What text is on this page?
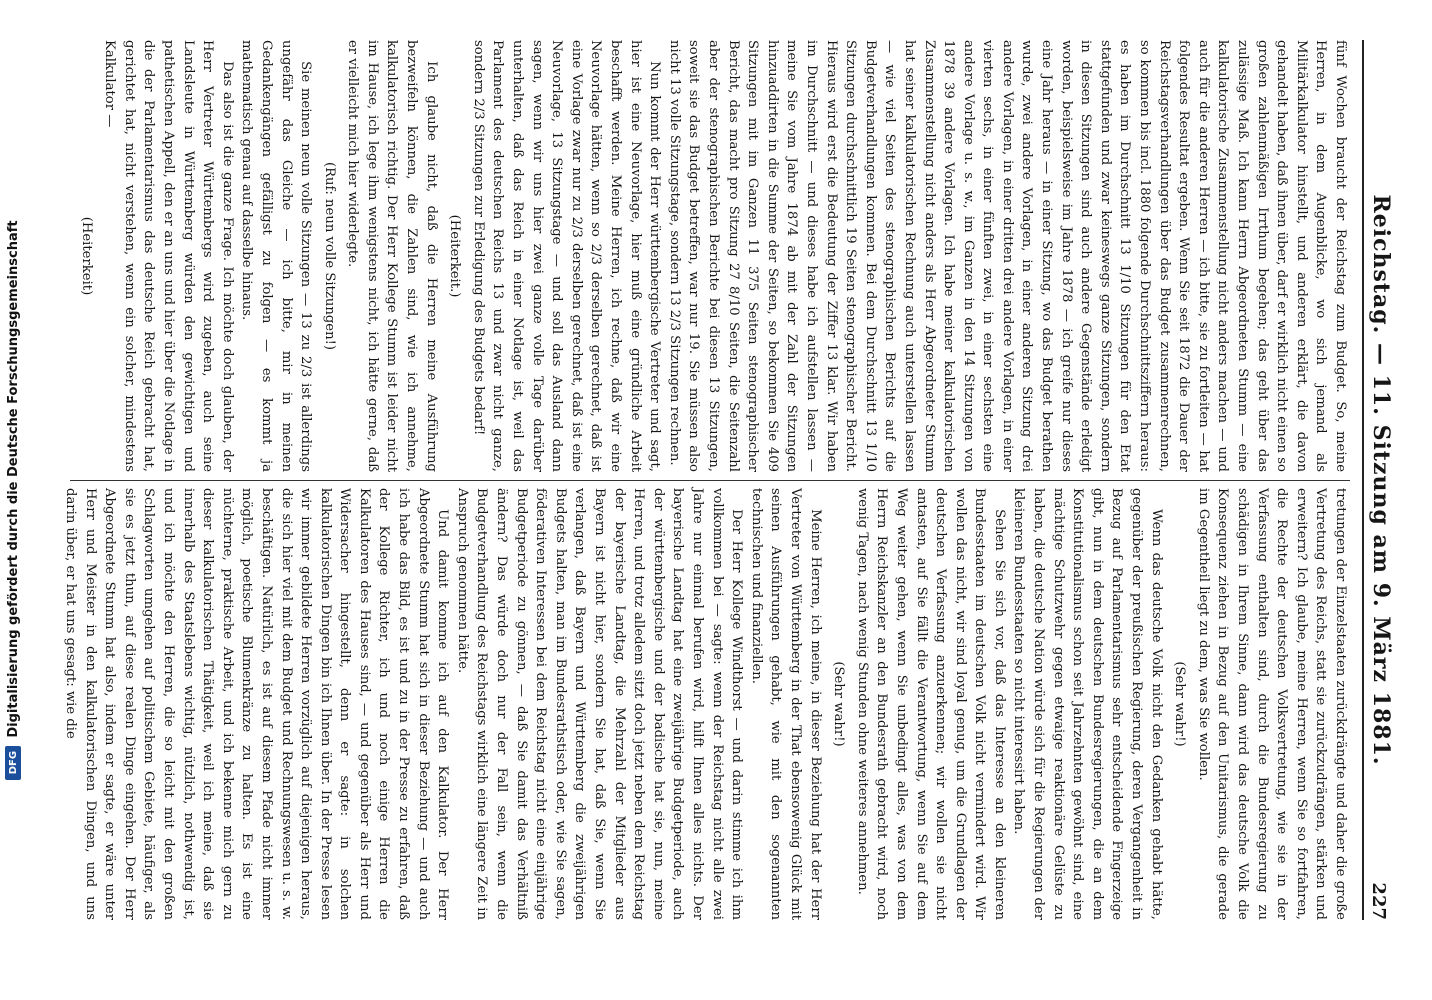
Reichstag. — 11. Sitzung am 9. März 1881.
227

fünf Wochen braucht der Reichstag zum Budget. So, meine Herren, in dem Augenblicke, wo sich jemand als Militärkalkulator hinstellt, und anderen erklärt, die davon gehandelt haben, daß ihnen über, darf er wirklich nicht einen so großen zahlenmäßigen Irrthum begehen; das geht über das zulässige Maß. Ich kann Herrn Abgeordneten Stumm — eine kalkulatorische Zusammenstellung nicht anders machen — und auch für die anderen Herren — ich bitte, sie zu fortleiten — hat folgendes Resultat ergeben. Wenn Sie seit 1872 die Dauer der Reichstagsverhandlungen über das Budget zusammenrechnen, so kommen bis incl. 1880 folgende Durchschnittsziffern heraus: es haben im Durchschnitt 13 1/10 Sitzungen für den Etat stattgefunden und zwar keineswegs ganze Sitzungen, sondern in diesen Sitzungen sind auch andere Gegenstände erledigt worden, beispielsweise im Jahre 1878 — ich greife nur dieses eine Jahr heraus — in einer Sitzung, wo das Budget berathen wurde, zwei andere Vorlagen, in einer anderen Sitzung drei andere Vorlagen, in einer dritten drei andere Vorlagen, in einer vierten sechs, in einer fünften zwei, in einer sechsten eine andere Vorlage u. s. w., im Ganzen in den 14 Sitzungen von 1878 39 andere Vorlagen. Ich habe meiner kalkulatorischen Zusammenstellung nicht anders als Herr Abgeordneter Stumm hat seiner kalkulatorischen Rechnung auch unterstellen lassen — wie viel Seiten des stenographischen Berichts auf die Budgetverhandlungen kommen. Bei dem Durchschnitt 13 1/10 Sitzungen durchschnittlich 19 Seiten stenographischer Bericht. Hieraus wird erst die Bedeutung der Ziffer 13 klar. Wir haben im Durchschnitt — und dieses habe ich aufstellen lassen — meine Sie vom Jahre 1874 ab mit der Zahl der Sitzungen hinzuaddirten in die Summe der Seiten, so bekommen Sie 409 Sitzungen mit im Ganzen 11 375 Seiten stenographischer Bericht, das macht pro Sitzung 27 8/10 Seiten, die Seitenzahl aber der stenographischen Berichte bei diesen 13 Sitzungen, soweit sie das Budget betreffen, war nur 19. Sie müssen also nicht 13 volle Sitzungstage, sondern 13 2/3 Sitzungen rechnen.

Nun kommt der Herr württembergische Vertreter und sagt, hier ist eine Neuvorlage, hier muß eine gründliche Arbeit beschafft werden. Meine Herren, ich rechne, daß wir eine Neuvorlage hätten, wenn so 2/3 derselben gerechnet, daß ist eine Vorlage zwar nur zu 2/3 derselben gerechnet, daß ist eine Neuvorlage, 13 Sitzungstage — und soll das Ausland dann sagen, wenn wir uns hier zwei ganze volle Tage darüber unterhalten, daß das Reich in einer Notlage ist, weil das Parlament des deutschen Reichs 13 und zwar nicht ganze, sondern 2/3 Sitzungen zur Erledigung des Budgets bedarf!

(Heiterkeit.)

Ich glaube nicht, daß die Herren meine Ausführung bezweifeln können, die Zahlen sind, wie ich annehme, kalkulatorisch richtig. Der Herr Kollege Stumm ist leider nicht im Hause, ich lege ihm wenigstens nicht, ich hätte gerne, daß er vielleicht mich hier widerlegte.

(Ruf: neun volle Sitzungen!)

Sie meinen neun volle Sitzungen — 13 zu 2/3 ist allerdings ungefähr das Gleiche — ich bitte, mir in meinen Gedankengängen gefälligst zu folgen — es kommt ja mathematisch genau auf dasselbe hinaus.

Das also ist die ganze Frage. Ich möchte doch glauben, der Herr Vertreter Württembergs wird zugeben, auch seine Landsleute in Württemberg würden den gewichtigen und pathetischen Appell, den er an uns und hier über die Notlage in die der Parlamentarismus das deutsche Reich gebracht hat, gerichtet hat, nicht verstehen, wenn ein solcher, mindestens Kalkulator —

(Heiterkeit)

tretungen der Einzelstaaten zurückdrängte und daher die große Vertretung des Reichs, statt sie zurückzudrängen, stärken und erweitern? Ich glaube, meine Herren, wenn Sie so fortfahren, die Rechte der deutschen Volksvertretung, wie sie in der Verfassung enthalten sind, durch die Bundesregierung zu schädigen in Ihrem Sinne, dann wird das deutsche Volk die Konsequenz ziehen in Bezug auf den Unitarismus, die gerade im Gegentheil liegt zu dem, was Sie wollen.

(Sehr wahr!)

Wenn das deutsche Volk nicht den Gedanken gehabt hätte, gegenüber der preußischen Regierung, deren Vergangenheit in Bezug auf Parlamentarismus sehr entscheidende Fingerzeige gibt, nun in dem deutschen Bundesregierungen, die an dem Konstitutionalismus schon seit Jahrzehnten gewöhnt sind, eine mächtige Schutzwehr gegen etwaige reaktionäre Gelüste zu haben, die deutsche Nation würde sich für die Regierungen der kleineren Bundesstaaten so nicht interessirt haben.

Sehen Sie sich vor, daß das Interesse an den kleineren Bundesstaaten im deutschen Volk nicht vermindert wird. Wir wollen das nicht, wir sind loyal genug, um die Grundlagen der deutschen Verfassung anzuerkennen; wir wollen sie nicht antasten, auf Sie fällt die Verantwortung, wenn Sie auf dem Weg weiter gehen, wenn Sie unbedingt alles, was von dem Herrn Reichskanzler an den Bundesrath gebracht wird, noch wenig Tagen, nach wenig Stunden ohne weiteres annehmen.

(Sehr wahr!)

Meine Herren, ich meine, in dieser Beziehung hat der Herr Vertreter von Württemberg in der That ebensowenig Glück mit seinen Ausführungen gehabt, wie mit den sogenannten technischen und finanziellen.

Der Herr Kollege Windthorst — und darin stimme ich ihm vollkommen bei — sagte: wenn der Reichstag nicht alle zwei Jahre nur einmal berufen wird, hilft Ihnen alles nichts. Der bayerische Landtag hat eine zweijährige Budgetperiode, auch der württembergische und der badische hat sie, nun, meine Herren, und trotz alledem sitzt doch jetzt neben dem Reichstag der bayerische Landtag, die Mehrzahl der Mitglieder aus Bayern ist nicht hier, sondern Sie hat, daß Sie, wenn Sie verlangen, daß Bayern und Württemberg die zweijährigen Budgets halten, man im Bundesrathstisch oder, wie Sie sagen, föderativen Interessen bei dem Reichstag nicht eine einjährige Budgetperiode zu gönnen, — daß Sie damit das Verhältniß ändern? Das würde doch nur der Fall sein, wenn die Budgetverhandlung des Reichstags wirklich eine längere Zeit in Anspruch genommen hätte.

Und damit komme ich auf den Kalkulator. Der Herr Abgeordnete Stumm hat sich in dieser Beziehung — und auch ich habe das Bild, es ist und zu in der Presse zu erfahren, daß der Kollege Richter, ich und noch einige Herren die Kalkulatoren des Hauses sind, — und gegenüber als Herr und Widersacher hingestellt, denn er sagte: in solchen kalkulatorischen Dingen bin ich Ihnen über. In der Presse lesen wir immer gebildete Herren vorzüglich auf diejenigen heraus, die sich hier viel mit dem Budget und Rechnungswesen u. s. w. beschäftigen. Natürlich, es ist auf diesem Pfade nicht immer möglich, poetische Blumenkränze zu halten. Es ist eine nüchterne, praktische Arbeit, und ich bekenne mich gern zu dieser kalkulatorischen Thätigkeit, weil ich meine, daß sie innerhalb des Staatslebens wichtig, nützlich, nothwendig ist, und ich möchte den Herren, die so leicht mit den großen Schlagworten umgehen auf politischem Gebiete, häufiger, als sie es jetzt thun, auf diese realen Dinge eingehen. Der Herr Abgeordnete Stumm hat also, indem er sagte, er wäre unter Herr und Meister in den kalkulatorischen Dingen, und uns darin über, er hat uns gesagt: wie die

DFG
Digitalisierung gefördert durch die Deutsche Forschungsgemeinschaft
